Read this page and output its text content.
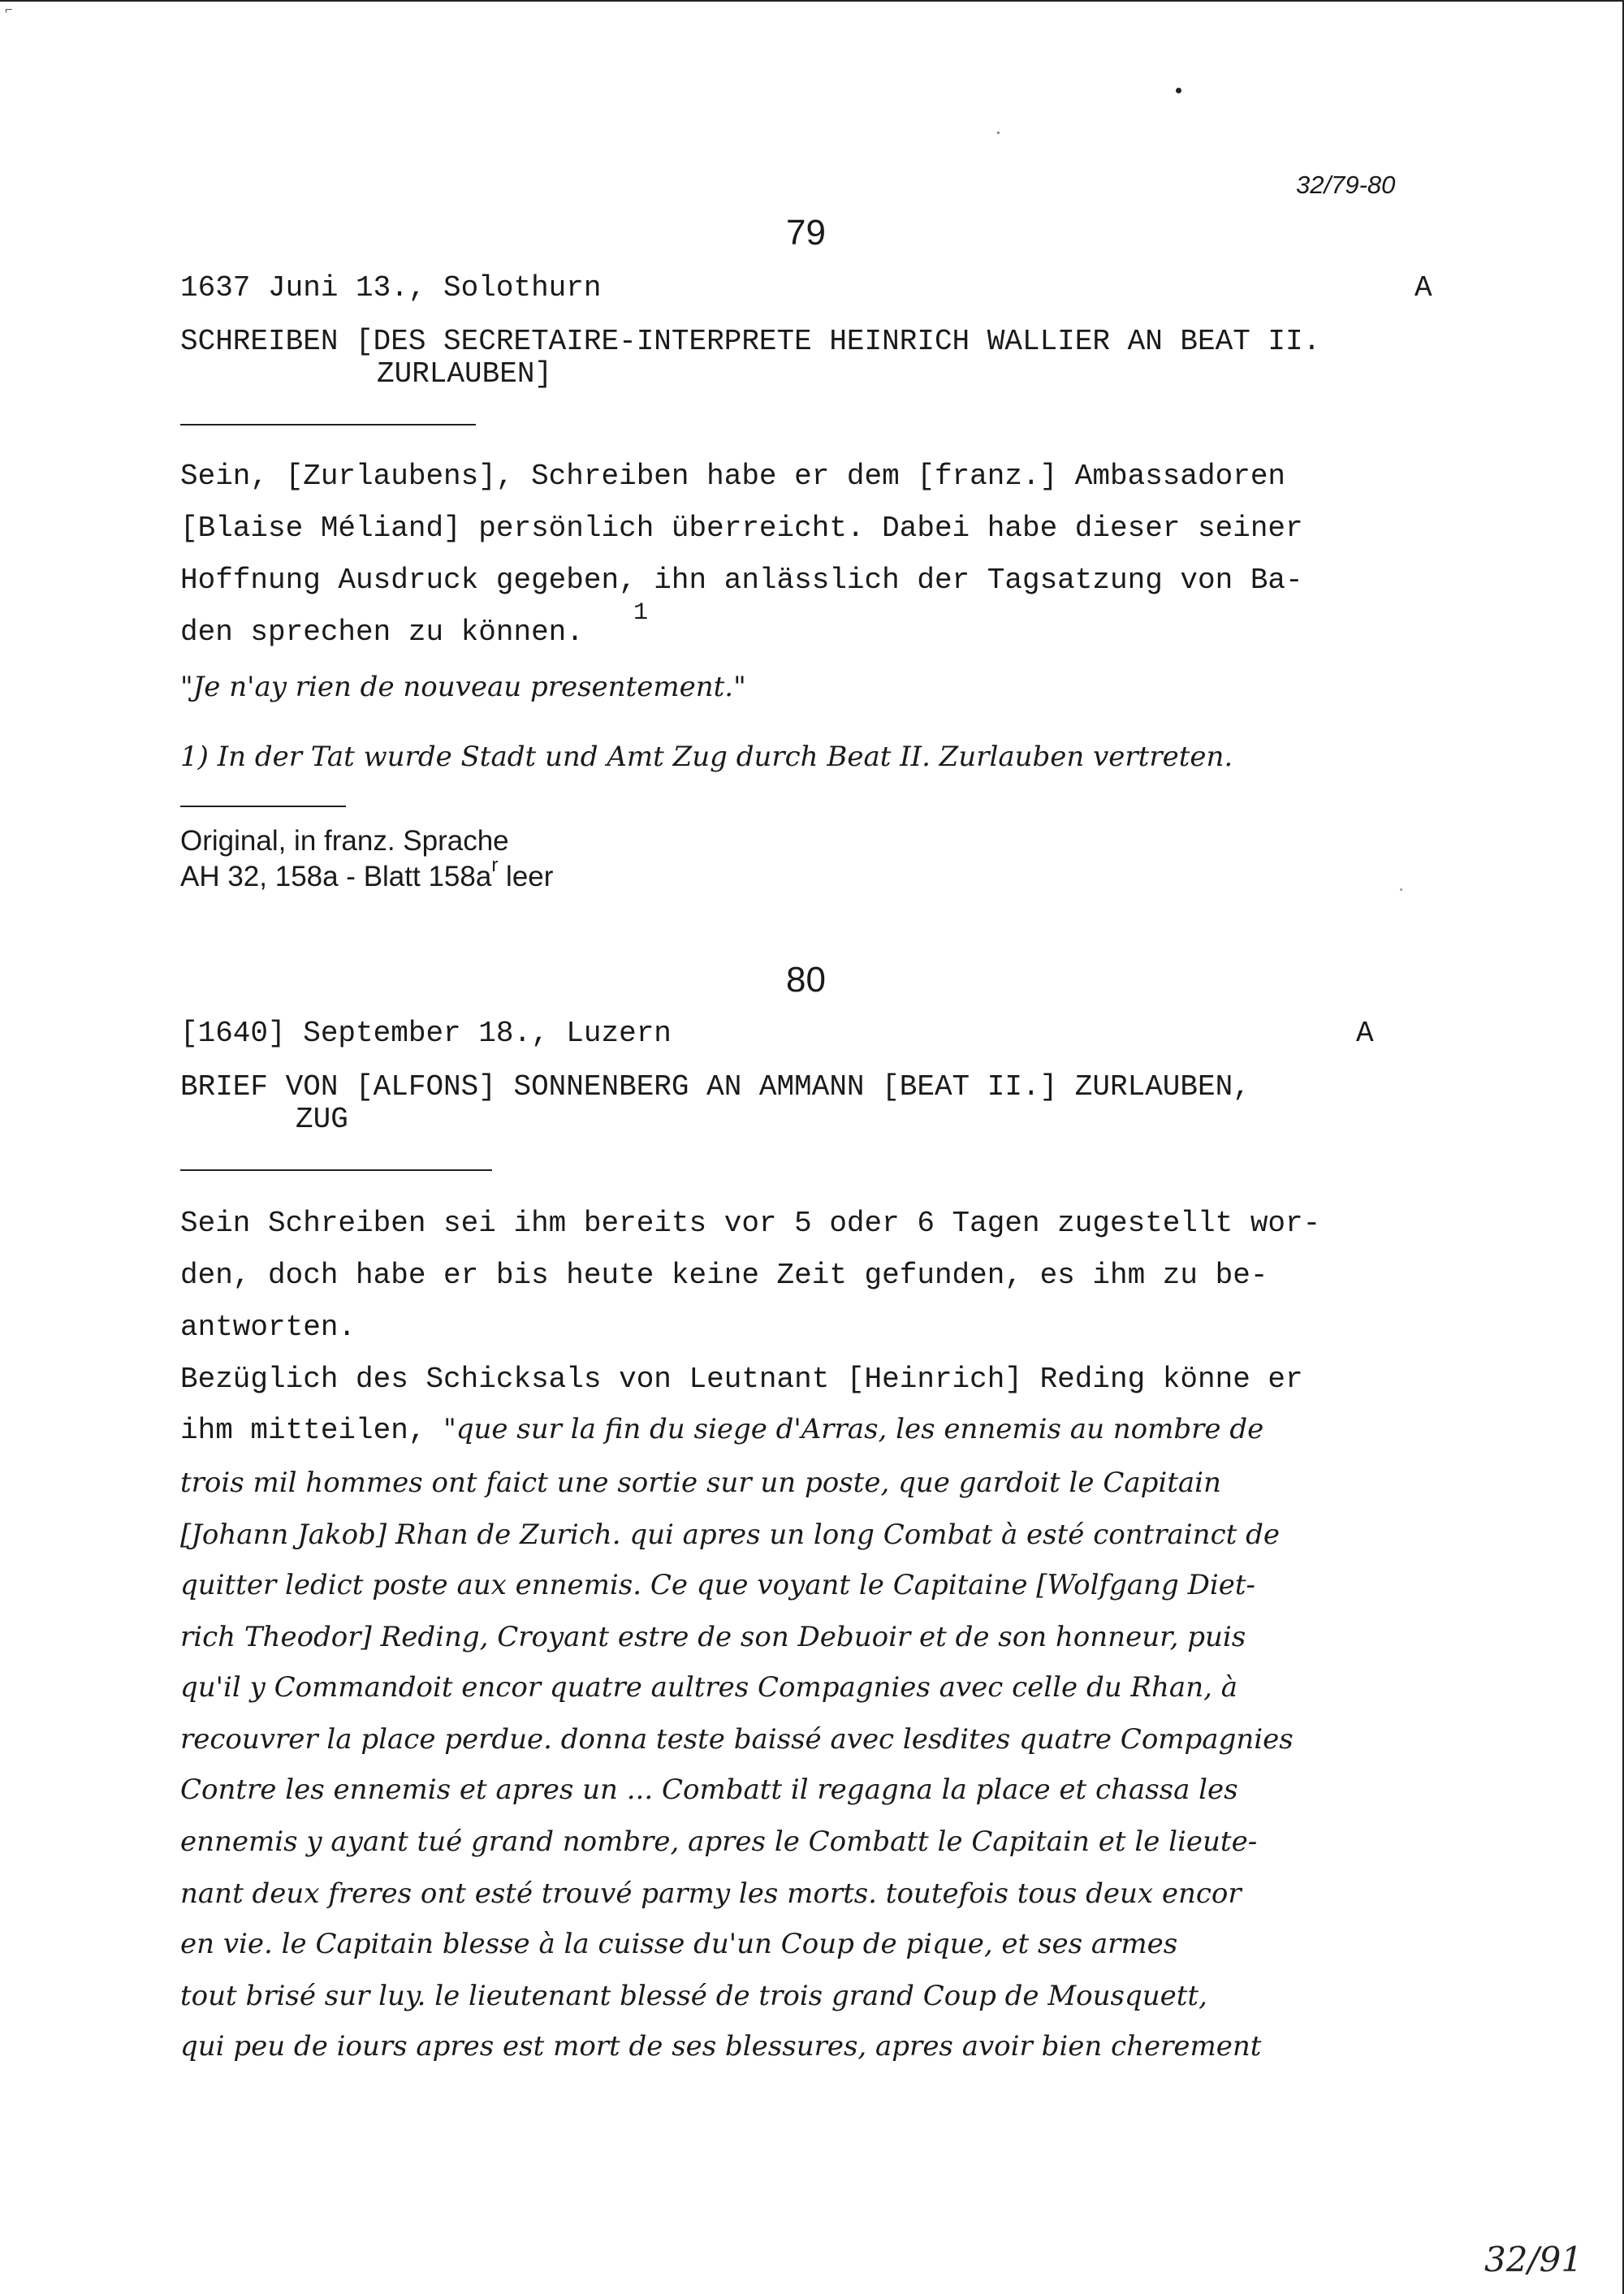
⌐
32/79-80
79
1637 Juni 13., Solothurn	A
SCHREIBEN [DES SECRETAIRE-INTERPRETE HEINRICH WALLIER AN BEAT II.
ZURLAUBEN]
Sein, [Zurlaubens], Schreiben habe er dem [franz.] Ambassadoren
[Blaise Méliand] persönlich überreicht. Dabei habe dieser seiner
Hoffnung Ausdruck gegeben, ihn anlässlich der Tagsatzung von Ba-
den sprechen zu können.
1
"Je n'ay rien de nouveau presentement."
1) In der Tat wurde Stadt und Amt Zug durch Beat II. Zurlauben vertreten.
Original, in franz. Sprache
AH 32, 158a - Blatt $158a^r$ leer
80
[1640] September 18., Luzern	A
BRIEF VON [ALFONS] SONNENBERG AN AMMANN [BEAT II.] ZURLAUBEN,
ZUG
Sein Schreiben sei ihm bereits vor 5 oder 6 Tagen zugestellt wor-
den, doch habe er bis heute keine Zeit gefunden, es ihm zu be-
antworten.
Bezüglich des Schicksals von Leutnant [Heinrich] Reding könne er
ihm mitteilen, "que sur la fin du siege d'Arras, les ennemis au nombre de
trois mil hommes ont faict une sortie sur un poste, que gardoit le Capitain
[Johann Jakob] Rhan de Zurich. qui apres un long Combat à esté contrainct de
quitter ledict poste aux ennemis. Ce que voyant le Capitaine [Wolfgang Diet-
rich Theodor] Reding, Croyant estre de son Debuoir et de son honneur, puis
qu'il y Commandoit encor quatre aultres Compagnies avec celle du Rhan, à
recouvrer la place perdue. donna teste baissé avec lesdites quatre Compagnies
Contre les ennemis et apres un ... Combatt il regagna la place et chassa les
ennemis y ayant tué grand nombre, apres le Combatt le Capitain et le lieute-
nant deux freres ont esté trouvé parmy les morts. toutefois tous deux encor
en vie. le Capitain blesse à la cuisse du'un Coup de pique, et ses armes
tout brisé sur luy. le lieutenant blessé de trois grand Coup de Mousquett,
qui peu de iours apres est mort de ses blessures, apres avoir bien cherement
32/91
